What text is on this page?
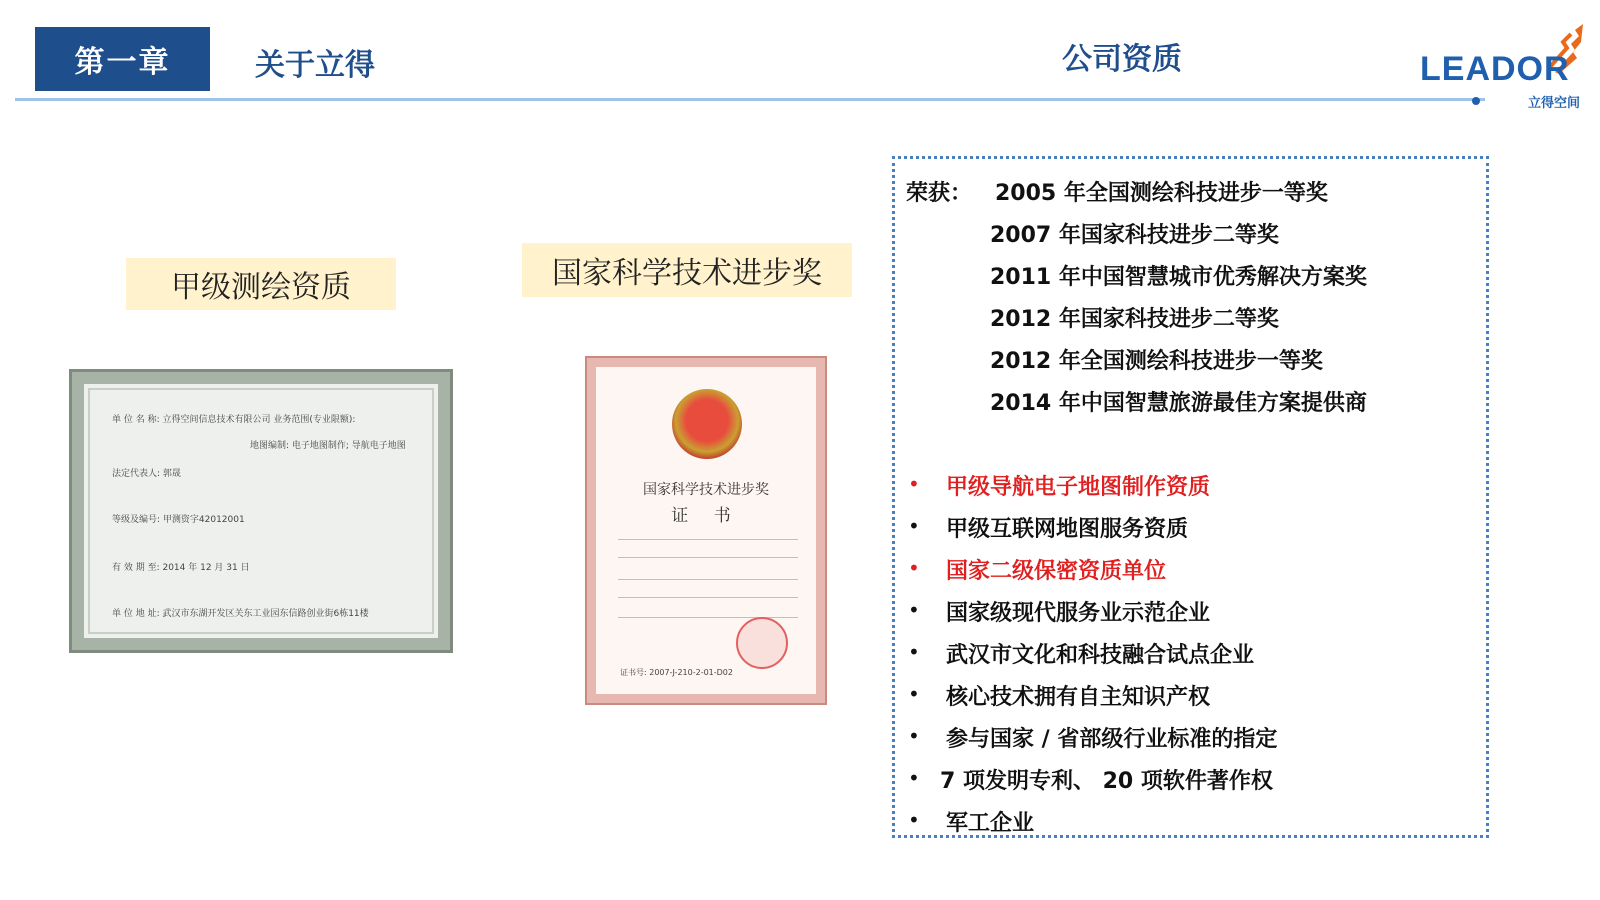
第一章	关于立得	公司资质	LEADOR
立得空间
甲级测绘资质	国家科学技术进步奖
单 位 名 称: 立得空间信息技术有限公司 业务范围(专业限额):
地图编制: 电子地图制作; 导航电子地图
法定代表人: 郭晟
等级及编号: 甲测资字42012001
有 效 期 至: 2014 年 12 月 31 日
单 位 地 址: 武汉市东湖开发区关东工业园东信路创业街6栋11楼
国家科学技术进步奖
证 书
证书号: 2007-J-210-2-01-D02
荣获： 2005 年全国测绘科技进步一等奖
2007 年国家科技进步二等奖
2011 年中国智慧城市优秀解决方案奖
2012 年国家科技进步二等奖
2012 年全国测绘科技进步一等奖
2014 年中国智慧旅游最佳方案提供商
• 甲级导航电子地图制作资质
• 甲级互联网地图服务资质
• 国家二级保密资质单位
• 国家级现代服务业示范企业
• 武汉市文化和科技融合试点企业
• 核心技术拥有自主知识产权
• 参与国家 / 省部级行业标准的指定
• 7 项发明专利、 20 项软件著作权
• 军工企业
